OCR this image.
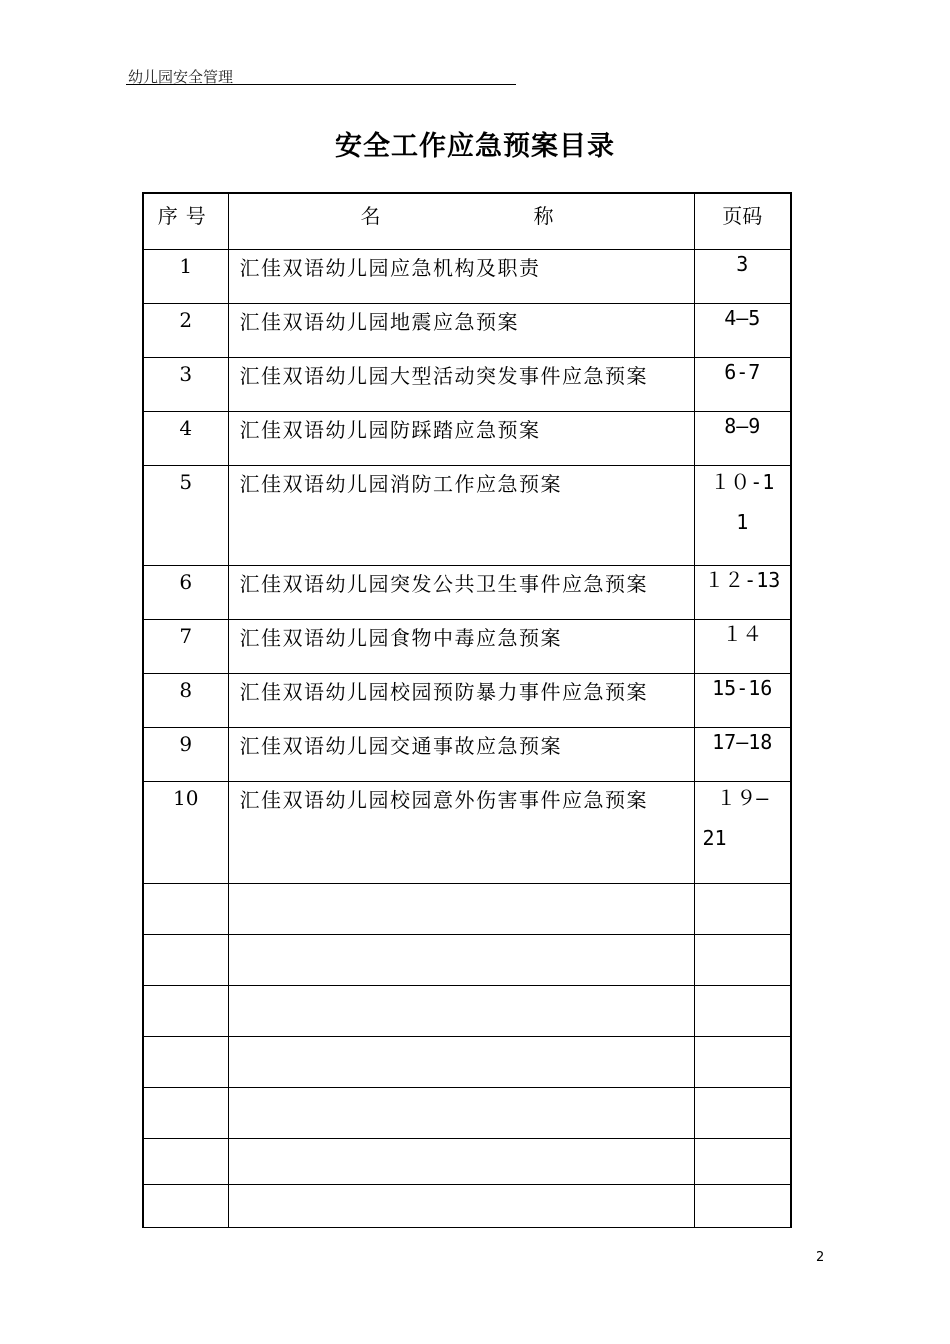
幼儿园安全管理
安全工作应急预案目录
序号	名 称	页码
1	汇佳双语幼儿园应急机构及职责	3

2	汇佳双语幼儿园地震应急预案	4—5

3	汇佳双语幼儿园大型活动突发事件应急预案	6-7

4	汇佳双语幼儿园防踩踏应急预案	8—9

5	汇佳双语幼儿园消防工作应急预案	１０-1
1

6	汇佳双语幼儿园突发公共卫生事件应急预案	１２-13

7	汇佳双语幼儿园食物中毒应急预案	１４

8	汇佳双语幼儿园校园预防暴力事件应急预案	15-16

9	汇佳双语幼儿园交通事故应急预案	17—18

10	汇佳双语幼儿园校园意外伤害事件应急预案	１９—
21

2
